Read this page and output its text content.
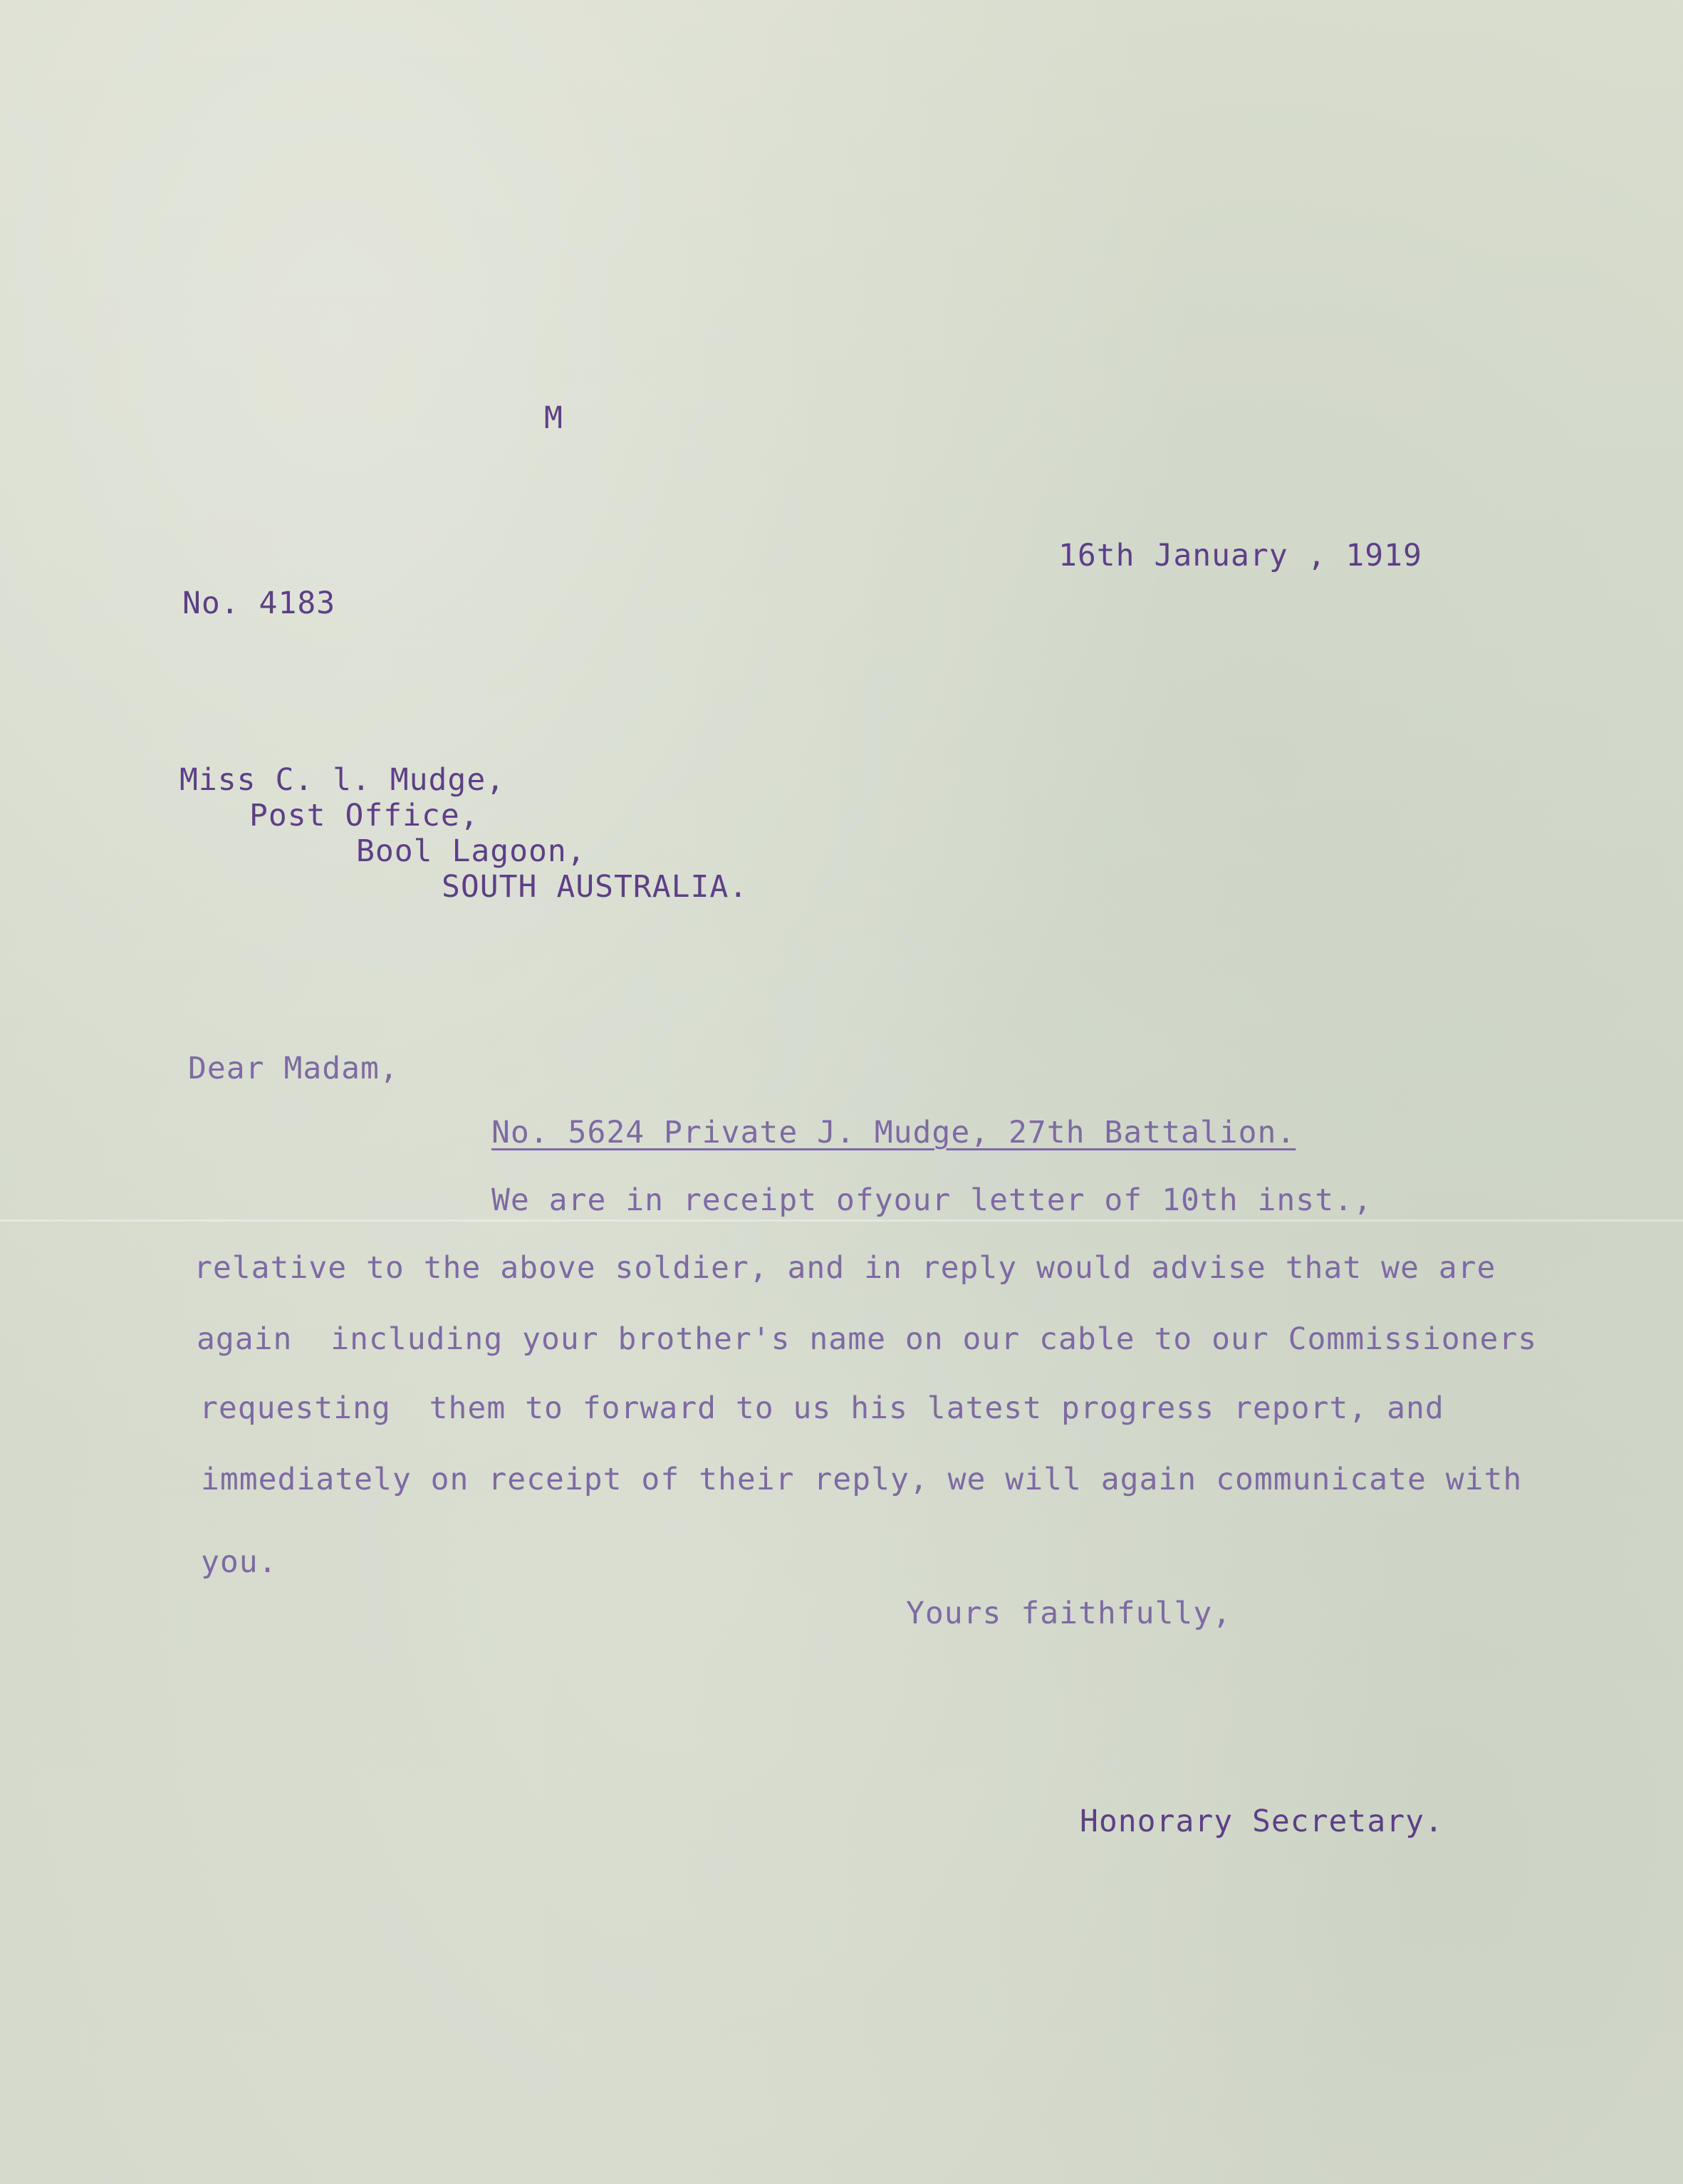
M
16th January , 1919
No. 4183
Miss C. l. Mudge,
Post Office,
Bool Lagoon,
SOUTH AUSTRALIA.
Dear Madam,
No. 5624 Private J. Mudge, 27th Battalion.
We are in receipt ofyour letter of 10th inst.,
relative to the above soldier, and in reply would advise that we are
again  including your brother's name on our cable to our Commissioners
requesting  them to forward to us his latest progress report, and
immediately on receipt of their reply, we will again communicate with
you.
Yours faithfully,
Honorary Secretary.
